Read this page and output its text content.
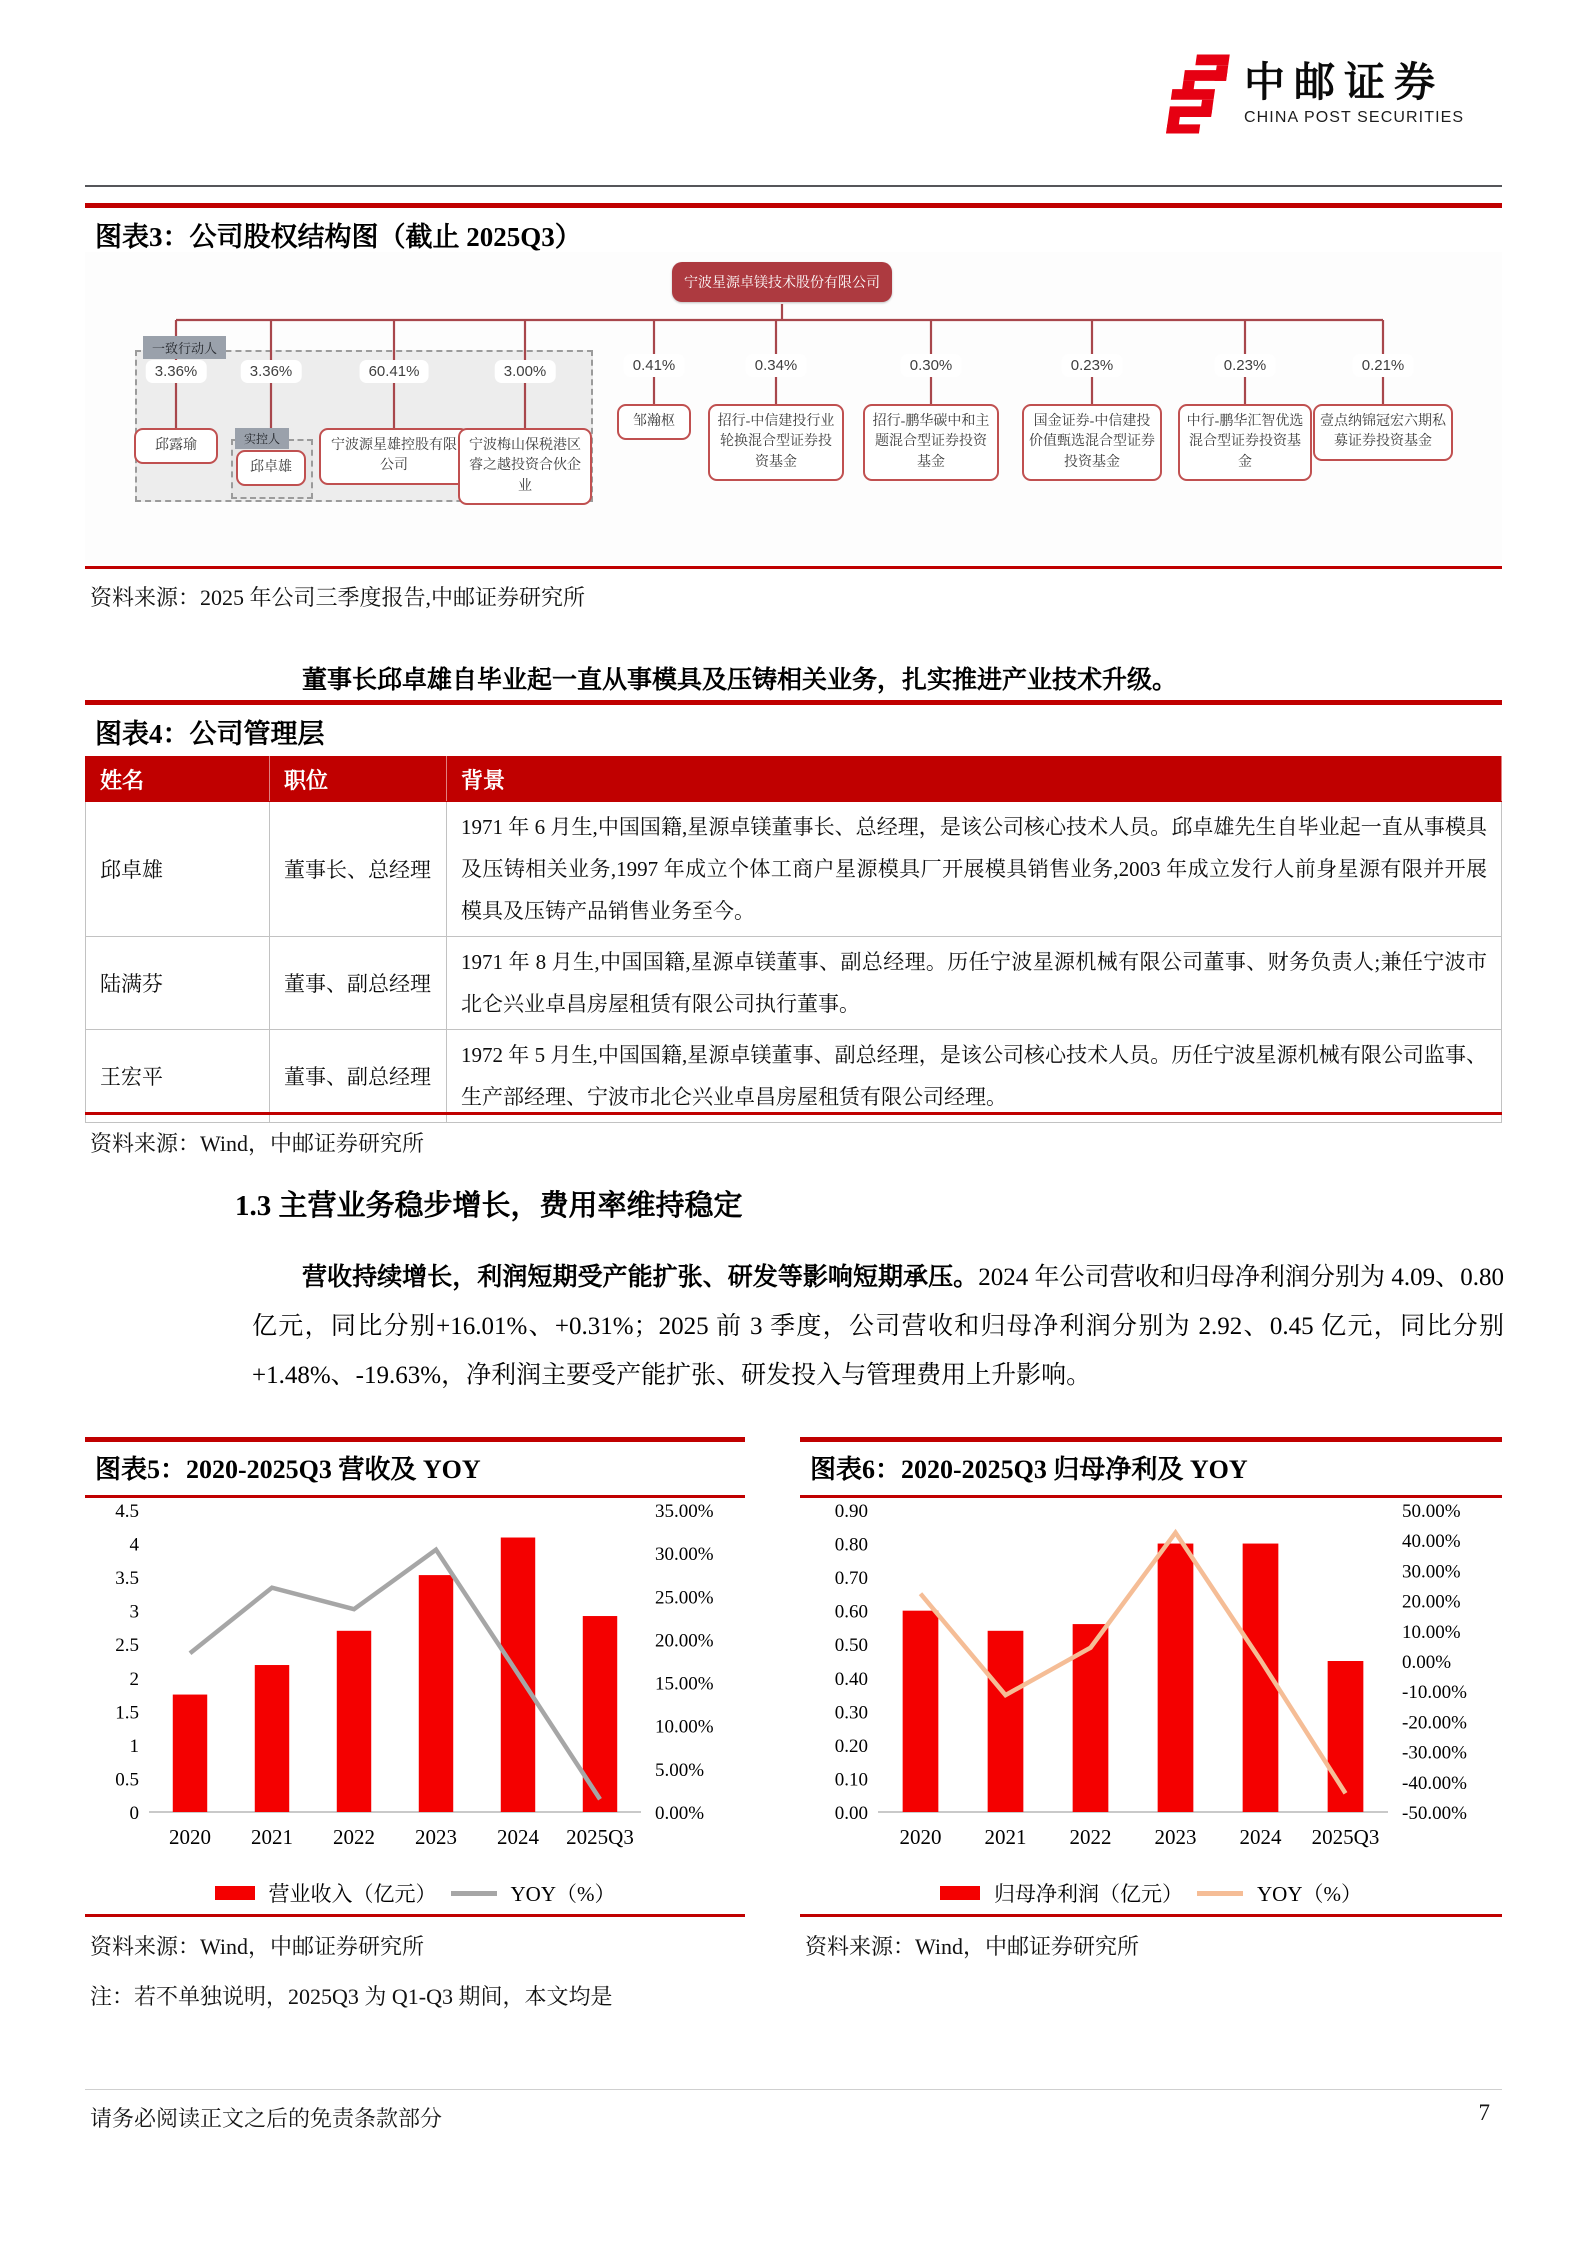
中邮证券
CHINA POST SECURITIES
图表3：公司股权结构图（截止 2025Q3）
一致行动人
实控人
3.36%
邱露瑜
3.36%
邱卓雄
60.41%
宁波源星雄控股有限公司
3.00%
宁波梅山保税港区睿之越投资合伙企业
0.41%
邹瀚枢
0.34%
招行-中信建投行业轮换混合型证券投资基金
0.30%
招行-鹏华碳中和主题混合型证券投资基金
0.23%
国金证券-中信建投价值甄选混合型证券投资基金
0.23%
中行-鹏华汇智优选混合型证券投资基金
0.21%
壹点纳锦冠宏六期私募证券投资基金
宁波星源卓镁技术股份有限公司
资料来源：2025 年公司三季度报告,中邮证券研究所
董事长邱卓雄自毕业起一直从事模具及压铸相关业务，扎实推进产业技术升级。
图表4：公司管理层
姓名	职位	背景
邱卓雄	董事长、总经理	1971 年 6 月生,中国国籍,星源卓镁董事长、总经理，是该公司核心技术人员。邱卓雄先生自毕业起一直从事模具及压铸相关业务,1997 年成立个体工商户星源模具厂开展模具销售业务,2003 年成立发行人前身星源有限并开展模具及压铸产品销售业务至今。
陆满芬	董事、副总经理	1971 年 8 月生,中国国籍,星源卓镁董事、副总经理。历任宁波星源机械有限公司董事、财务负责人;兼任宁波市北仑兴业卓昌房屋租赁有限公司执行董事。
王宏平	董事、副总经理	1972 年 5 月生,中国国籍,星源卓镁董事、副总经理，是该公司核心技术人员。历任宁波星源机械有限公司监事、生产部经理、宁波市北仑兴业卓昌房屋租赁有限公司经理。
资料来源：Wind，中邮证券研究所
1.3 主营业务稳步增长，费用率维持稳定
营收持续增长，利润短期受产能扩张、研发等影响短期承压。2024 年公司营收和归母净利润分别为 4.09、0.80 亿元，同比分别+16.01%、+0.31%；2025 前 3 季度，公司营收和归母净利润分别为 2.92、0.45 亿元，同比分别+1.48%、-19.63%，净利润主要受产能扩张、研发投入与管理费用上升影响。
图表5：2020-2025Q3 营收及 YOY
0
0.5
1
1.5
2
2.5
3
3.5
4
4.5
0.00%
5.00%
10.00%
15.00%
20.00%
25.00%
30.00%
35.00%
2020 2021 2022 2023 2024 2025Q3
营业收入（亿元）	YOY（%）
图表6：2020-2025Q3 归母净利及 YOY
0.00
0.10
0.20
0.30
0.40
0.50
0.60
0.70
0.80
0.90
-50.00%
-40.00%
-30.00%
-20.00%
-10.00%
0.00%
10.00%
20.00%
30.00%
40.00%
50.00%
2020 2021 2022 2023 2024 2025Q3
归母净利润（亿元）	YOY（%）
资料来源：Wind，中邮证券研究所
注：若不单独说明，2025Q3 为 Q1-Q3 期间，本文均是
资料来源：Wind，中邮证券研究所
请务必阅读正文之后的免责条款部分	7
